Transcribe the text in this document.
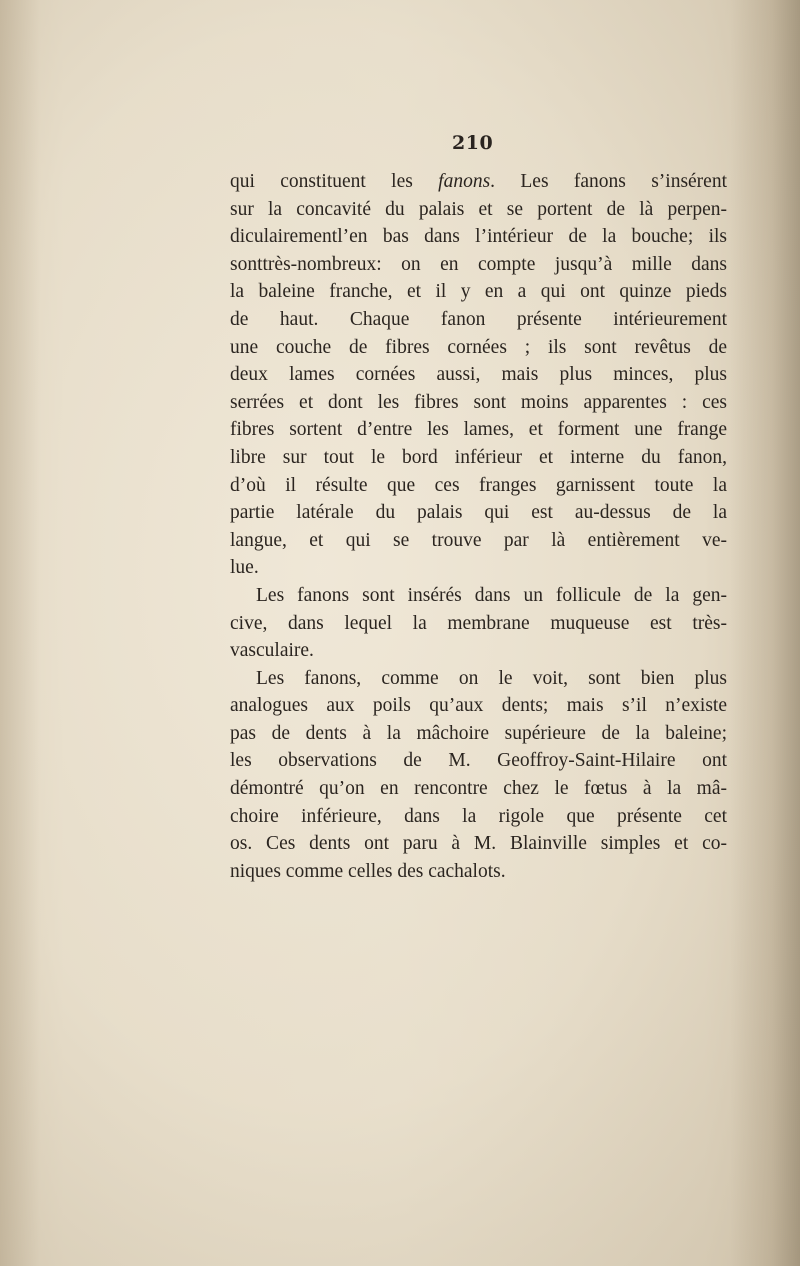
210
qui constituent les fanons. Les fanons s’insérent
sur la concavité du palais et se portent de là perpen-
diculairementl’en bas dans l’intérieur de la bouche; ils
sonttrès-nombreux: on en compte jusqu’à mille dans
la baleine franche, et il y en a qui ont quinze pieds
de haut. Chaque fanon présente intérieurement
une couche de fibres cornées ; ils sont revêtus de
deux lames cornées aussi, mais plus minces, plus
serrées et dont les fibres sont moins apparentes : ces
fibres sortent d’entre les lames, et forment une frange
libre sur tout le bord inférieur et interne du fanon,
d’où il résulte que ces franges garnissent toute la
partie latérale du palais qui est au-dessus de la
langue, et qui se trouve par là entièrement ve-
lue.
Les fanons sont insérés dans un follicule de la gen-
cive, dans lequel la membrane muqueuse est très-
vasculaire.
Les fanons, comme on le voit, sont bien plus
analogues aux poils qu’aux dents; mais s’il n’existe
pas de dents à la mâchoire supérieure de la baleine;
les observations de M. Geoffroy-Saint-Hilaire ont
démontré qu’on en rencontre chez le fœtus à la mâ-
choire inférieure, dans la rigole que présente cet
os. Ces dents ont paru à M. Blainville simples et co-
niques comme celles des cachalots.
